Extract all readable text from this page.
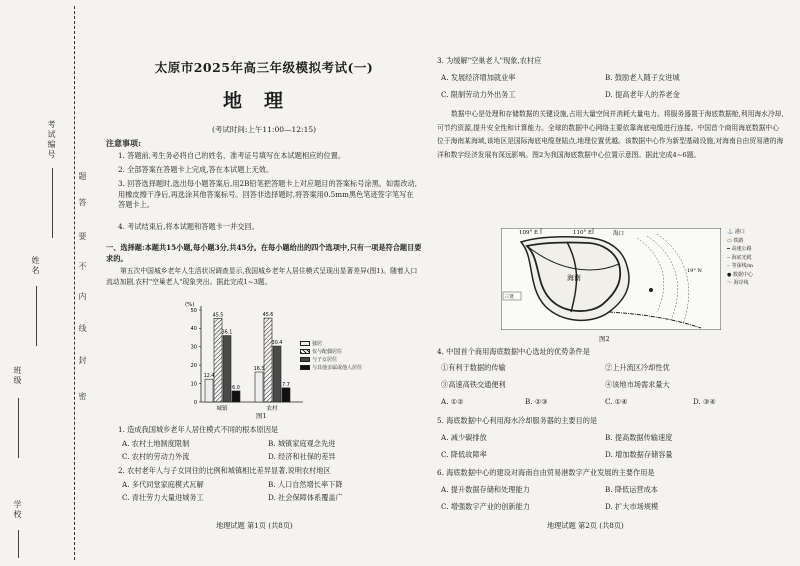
考试编号
姓名
班级
学校
题
答
要
不
内
线
封
密
太原市2025年高三年级模拟考试(一)
地理
(考试时间:上午11:00—12:15)
注意事项:
1. 答题前,考生务必将自己的姓名、准考证号填写在本试题相应的位置。
2. 全部答案在答题卡上完成,答在本试题上无效。
3. 回答选择题时,选出每小题答案后,用2B铅笔把答题卡上对应题目的答案标号涂黑。如需改动,用橡皮擦干净后,再选涂其他答案标号。回答非选择题时,将答案用0.5mm黑色笔迹签字笔写在答题卡上。
4. 考试结束后,将本试题和答题卡一并交回。
一、选择题:本题共15小题,每小题3分,共45分。在每小题给出的四个选项中,只有一项是符合题目要求的。
第五次中国城乡老年人生活状况调查显示,我国城乡老年人居住模式呈现出显著差异(图1)。随着人口流动加剧,农村"空巢老人"现象突出。据此完成1~3题。
(%)
0
10
20
30
40
50
12.4
45.5
36.1
6.0
城镇
16.3
45.6
30.4
7.7
农村
独居
仅与配偶居住
与子女居住
与其他亲属或他人居住
图1
1. 造成我国城乡老年人居住模式不同的根本原因是
A. 农村土地制度限制	B. 城镇家庭观念先进
C. 农村的劳动力外流	D. 经济和社保的差异
2. 农村老年人与子女同住的比例和城镇相比差异显著,说明农村地区
A. 多代同堂家庭模式瓦解	B. 人口自然增长率下降
C. 青壮劳力大量进城务工	D. 社会保障体系覆盖广
地理试题 第1页 (共8页)
3. 为缓解"空巢老人"现象,农村应
A. 发展经济增加就业率	B. 鼓励老人随子女进城
C. 限制劳动力外出务工	D. 提高老年人的养老金
数据中心是处理和存储数据的关键设施,占用大量空间并消耗大量电力。将服务器置于海底数据舱,利用海水冷却,可节约资源,提升安全性和计算能力。全球的数据中心网络主要依靠海底电缆进行连接。中国首个商用海底数据中心位于海南某海域,该地区是国际海底电缆登陆点,地理位置优越。该数据中心作为新型基础设施,对海南自由贸易港的海洋和数字经济发展有深远影响。图2为我国海底数据中心位置示意图。据此完成4~6题。
109° E	110° E	海口
海南
三亚
19° N
⚓ 港口
▭ 铁路
━ 高速公路
╌ 海底光缆
┈ 等深线/m
● 数据中心
～ 海岸线
图2
4. 中国首个商用海底数据中心选址的优势条件是
①有利于数据的传输	②上升流区冷却性优
③高速高铁交通便利	④该地市场需求量大
A. ①②	B. ②③	C. ①④	D. ③④
5. 海底数据中心利用海水冷却服务器的主要目的是
A. 减少碳排放	B. 提高数据传输速度
C. 降低故障率	D. 增加数据存储容量
6. 海底数据中心的建设对海南自由贸易港数字产业发展的主要作用是
A. 提升数据存储和处理能力	B. 降低运营成本
C. 增强数字产业的创新能力	D. 扩大市场规模
地理试题 第2页 (共8页)
